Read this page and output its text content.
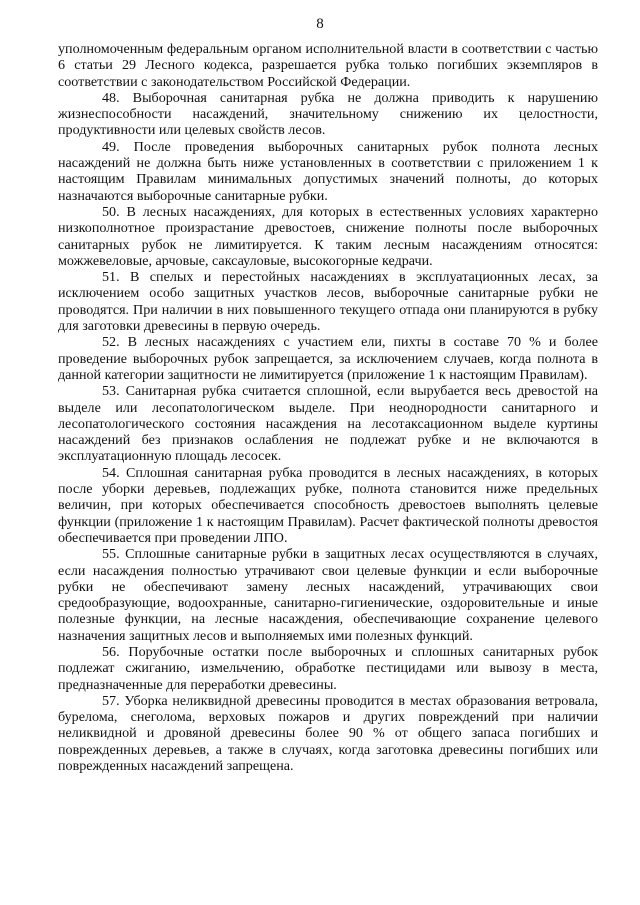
8

уполномоченным федеральным органом исполнительной власти в соответствии с частью 6 статьи 29 Лесного кодекса, разрешается рубка только погибших экземпляров в соответствии с законодательством Российской Федерации.

48. Выборочная санитарная рубка не должна приводить к нарушению жизнеспособности насаждений, значительному снижению их целостности, продуктивности или целевых свойств лесов.

49. После проведения выборочных санитарных рубок полнота лесных насаждений не должна быть ниже установленных в соответствии с приложением 1 к настоящим Правилам минимальных допустимых значений полноты, до которых назначаются выборочные санитарные рубки.

50. В лесных насаждениях, для которых в естественных условиях характерно низкополнотное произрастание древостоев, снижение полноты после выборочных санитарных рубок не лимитируется. К таким лесным насаждениям относятся: можжевеловые, арчовые, саксауловые, высокогорные кедрачи.

51. В спелых и перестойных насаждениях в эксплуатационных лесах, за исключением особо защитных участков лесов, выборочные санитарные рубки не проводятся. При наличии в них повышенного текущего отпада они планируются в рубку для заготовки древесины в первую очередь.

52. В лесных насаждениях с участием ели, пихты в составе 70 % и более проведение выборочных рубок запрещается, за исключением случаев, когда полнота в данной категории защитности не лимитируется (приложение 1 к настоящим Правилам).

53. Санитарная рубка считается сплошной, если вырубается весь древостой на выделе или лесопатологическом выделе. При неоднородности санитарного и лесопатологического состояния насаждения на лесотаксационном выделе куртины насаждений без признаков ослабления не подлежат рубке и не включаются в эксплуатационную площадь лесосек.

54. Сплошная санитарная рубка проводится в лесных насаждениях, в которых после уборки деревьев, подлежащих рубке, полнота становится ниже предельных величин, при которых обеспечивается способность древостоев выполнять целевые функции (приложение 1 к настоящим Правилам). Расчет фактической полноты древостоя обеспечивается при проведении ЛПО.

55. Сплошные санитарные рубки в защитных лесах осуществляются в случаях, если насаждения полностью утрачивают свои целевые функции и если выборочные рубки не обеспечивают замену лесных насаждений, утрачивающих свои средообразующие, водоохранные, санитарно-гигиенические, оздоровительные и иные полезные функции, на лесные насаждения, обеспечивающие сохранение целевого назначения защитных лесов и выполняемых ими полезных функций.

56. Порубочные остатки после выборочных и сплошных санитарных рубок подлежат сжиганию, измельчению, обработке пестицидами или вывозу в места, предназначенные для переработки древесины.

57. Уборка неликвидной древесины проводится в местах образования ветровала, бурелома, снеголома, верховых пожаров и других повреждений при наличии неликвидной и дровяной древесины более 90 % от общего запаса погибших и поврежденных деревьев, а также в случаях, когда заготовка древесины погибших или поврежденных насаждений запрещена.
